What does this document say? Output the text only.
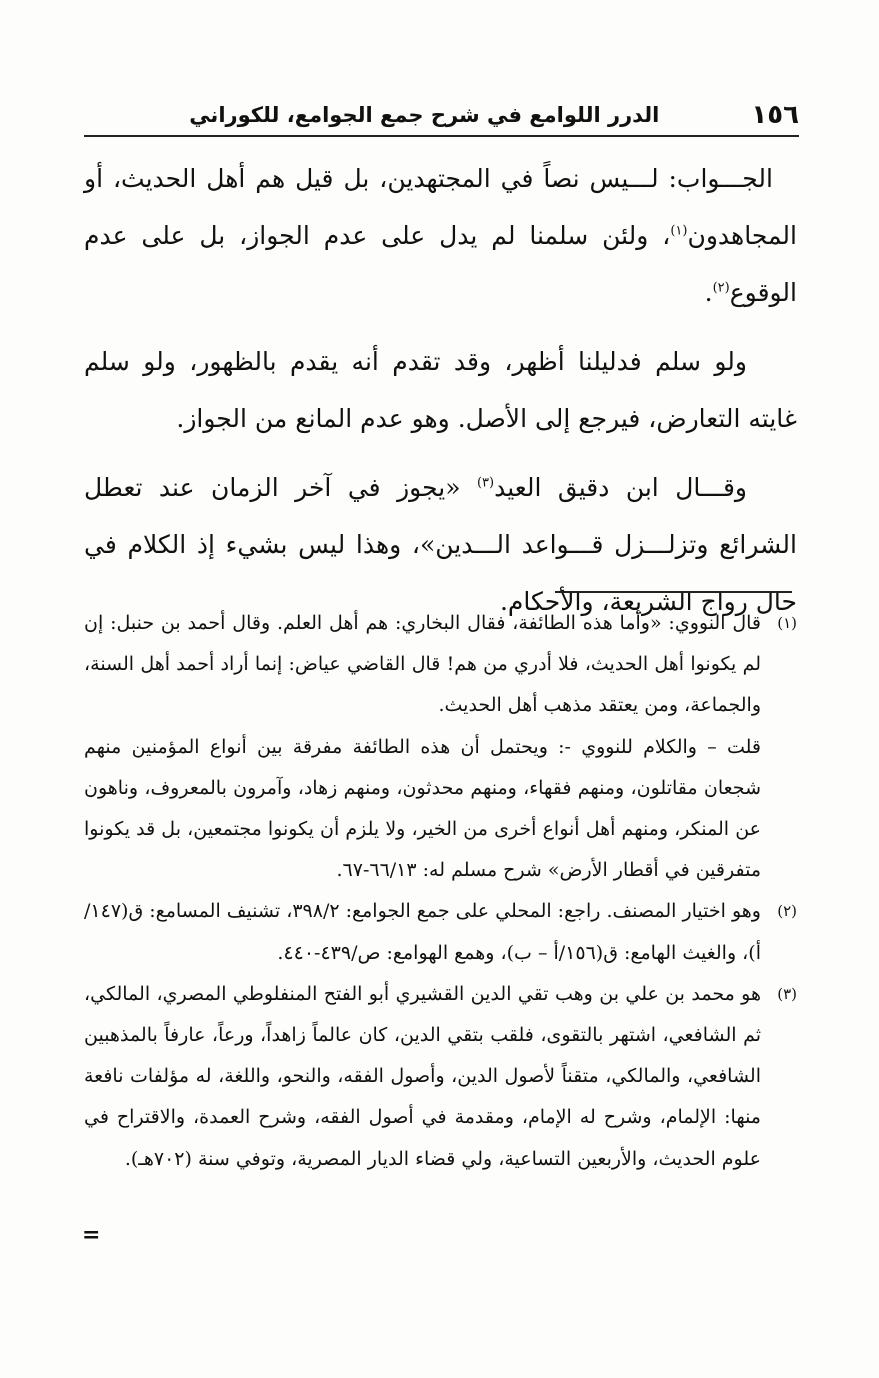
١٥٦
الدرر اللوامع في شرح جمع الجوامع، للكوراني

الجـــواب: لـــيس نصاً في المجتهدين، بل قيل هم أهل الحديث، أو المجاهدون$^{(١)}$، ولئن سلمنا لم يدل على عدم الجواز، بل على عدم الوقوع$^{(٢)}$.

ولو سلم فدليلنا أظهر، وقد تقدم أنه يقدم بالظهور، ولو سلم غايته التعارض، فيرجع إلى الأصل. وهو عدم المانع من الجواز.

وقـــال ابن دقيق العيد$^{(٣)}$ «يجوز في آخر الزمان عند تعطل الشرائع وتزلـــزل قـــواعد الـــدين»، وهذا ليس بشيء إذ الكلام في حال رواج الشريعة، والأحكام.

(١)

قال النووي: «وأما هذه الطائفة، فقال البخاري: هم أهل العلم. وقال أحمد بن حنبل: إن لم يكونوا أهل الحديث، فلا أدري من هم! قال القاضي عياض: إنما أراد أحمد أهل السنة، والجماعة، ومن يعتقد مذهب أهل الحديث.

قلت – والكلام للنووي -: ويحتمل أن هذه الطائفة مفرقة بين أنواع المؤمنين منهم شجعان مقاتلون، ومنهم فقهاء، ومنهم محدثون، ومنهم زهاد، وآمرون بالمعروف، وناهون عن المنكر، ومنهم أهل أنواع أخرى من الخير، ولا يلزم أن يكونوا مجتمعين، بل قد يكونوا متفرقين في أقطار الأرض» شرح مسلم له: ٦٦/١٣-٦٧.

(٢)

وهو اختيار المصنف. راجع: المحلي على جمع الجوامع: ٣٩٨/٢، تشنيف المسامع: ق(١٤٧/أ)، والغيث الهامع: ق(١٥٦/أ – ب)، وهمع الهوامع: ص/٤٣٩-٤٤٠.

(٣)

هو محمد بن علي بن وهب تقي الدين القشيري أبو الفتح المنفلوطي المصري، المالكي، ثم الشافعي، اشتهر بالتقوى، فلقب بتقي الدين، كان عالماً زاهداً، ورعاً، عارفاً بالمذهبين الشافعي، والمالكي، متقناً لأصول الدين، وأصول الفقه، والنحو، واللغة، له مؤلفات نافعة منها: الإلمام، وشرح له الإمام، ومقدمة في أصول الفقه، وشرح العمدة، والاقتراح في علوم الحديث، والأربعين التساعية، ولي قضاء الديار المصرية، وتوفي سنة (٧٠٢هـ).

=
